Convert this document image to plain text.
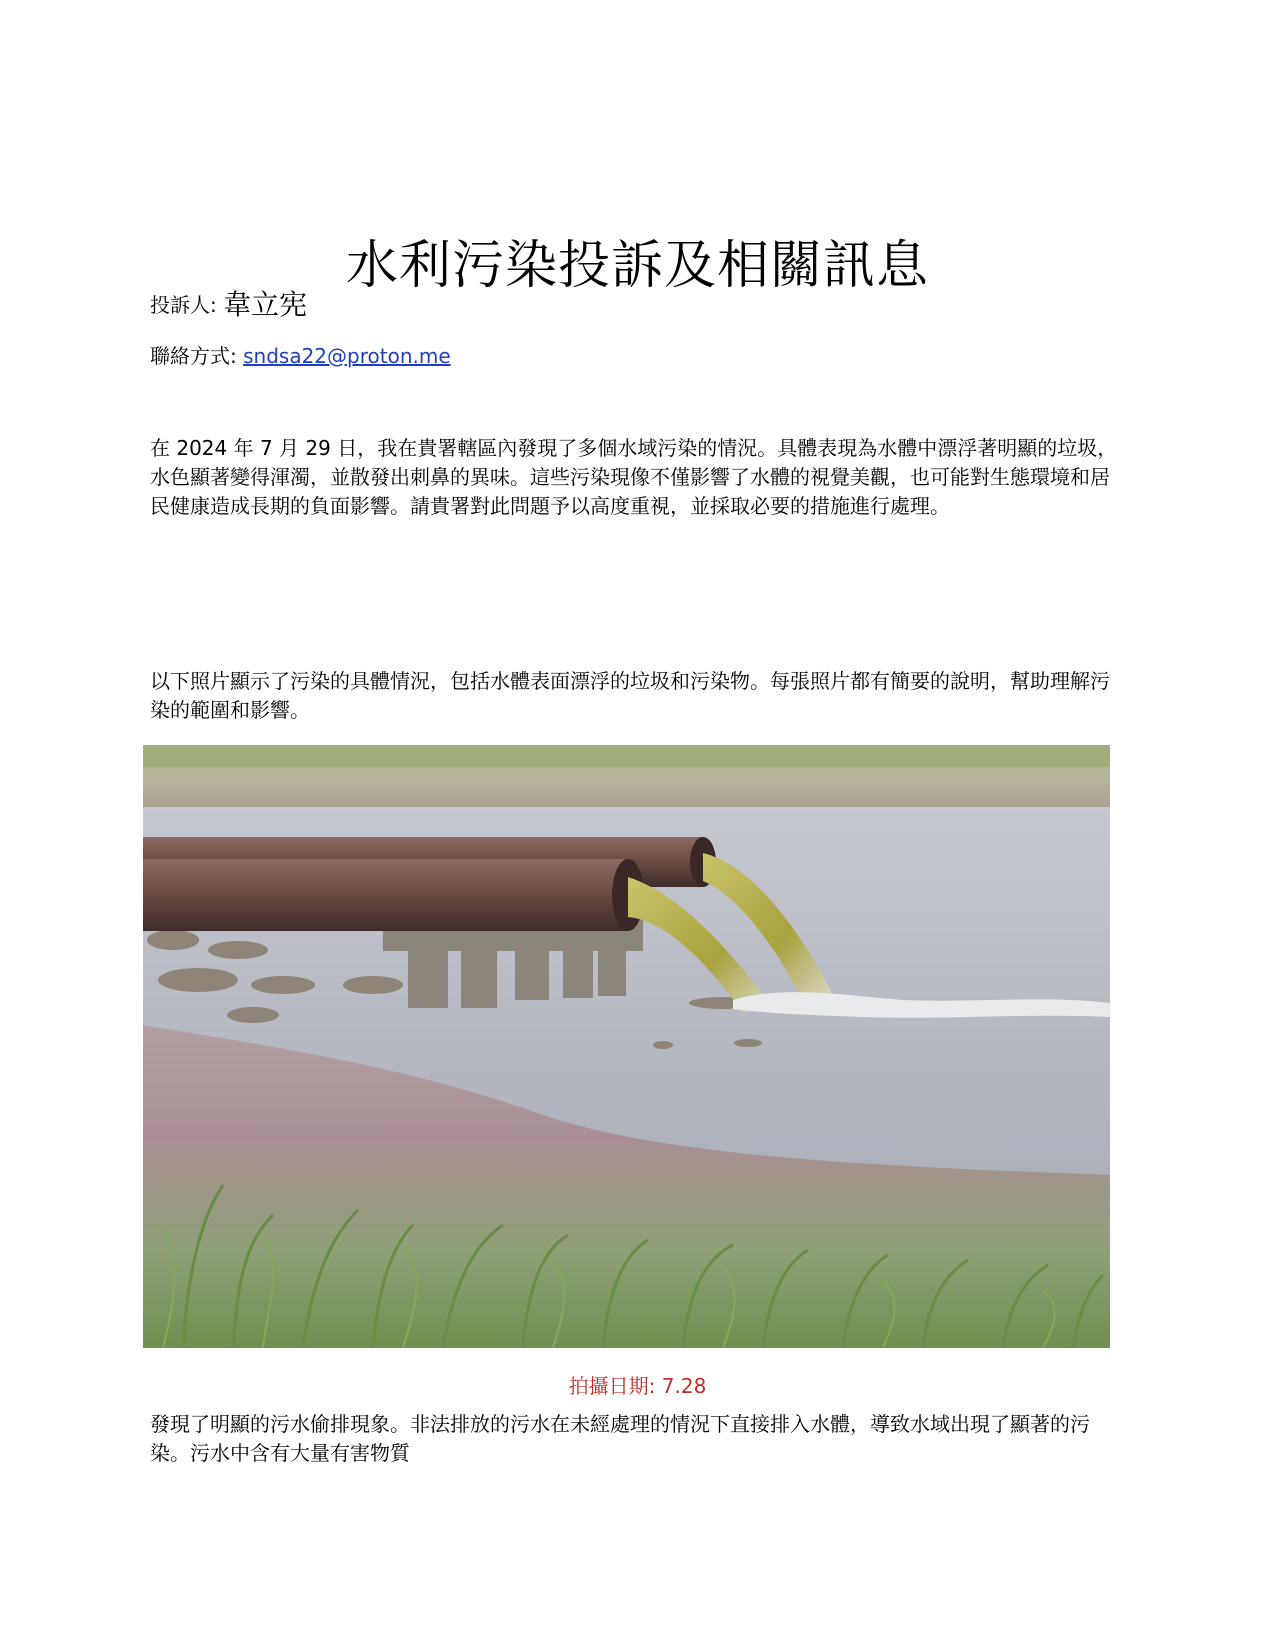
水利污染投訴及相關訊息
投訴人: 韋立宪
聯絡方式: sndsa22@proton.me

在 2024 年 7 月 29 日，我在貴署轄區內發現了多個水域污染的情況。具體表現為水體中漂浮著明顯的垃圾，水色顯著變得渾濁，並散發出刺鼻的異味。這些污染現像不僅影響了水體的視覺美觀，也可能對生態環境和居民健康造成長期的負面影響。請貴署對此問題予以高度重視，並採取必要的措施進行處理。

以下照片顯示了污染的具體情況，包括水體表面漂浮的垃圾和污染物。每張照片都有簡要的說明，幫助理解污染的範圍和影響。

拍攝日期: 7.28

發現了明顯的污水偷排現象。非法排放的污水在未經處理的情況下直接排入水體，導致水域出現了顯著的污染。污水中含有大量有害物質
